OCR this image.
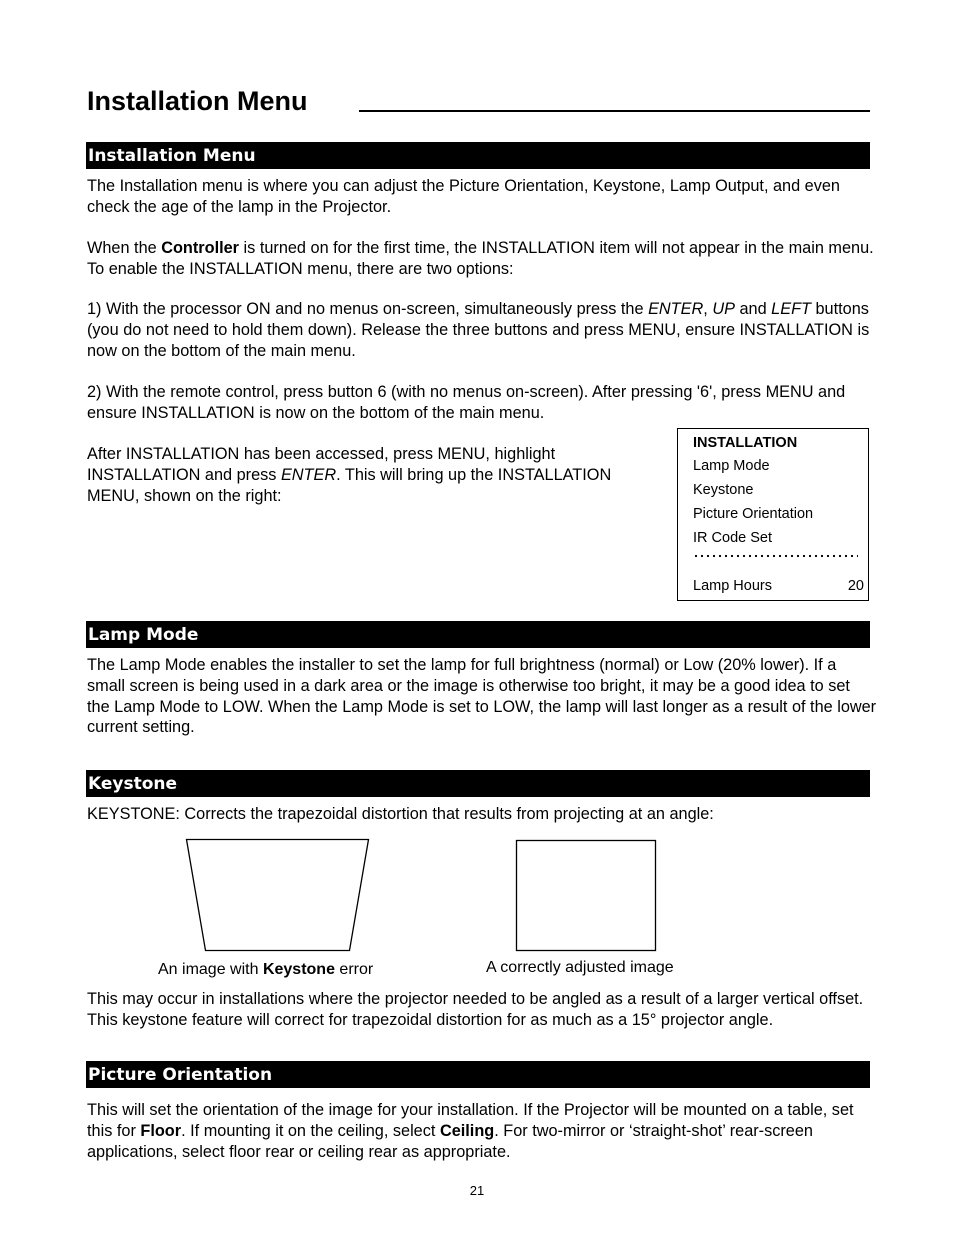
Installation Menu
Installation Menu

The Installation menu is where you can adjust the Picture Orientation, Keystone, Lamp Output, and even check the age of the lamp in the Projector.

When the Controller is turned on for the first time, the INSTALLATION item will not appear in the main menu. To enable the INSTALLATION menu, there are two options:

1) With the processor ON and no menus on-screen, simultaneously press the ENTER, UP and LEFT buttons (you do not need to hold them down). Release the three buttons and press MENU, ensure INSTALLATION is now on the bottom of the main menu.

2) With the remote control, press button 6 (with no menus on-screen). After pressing '6', press MENU and ensure INSTALLATION is now on the bottom of the main menu.

After INSTALLATION has been accessed, press MENU, highlight INSTALLATION and press ENTER. This will bring up the INSTALLATION MENU, shown on the right:

INSTALLATION
Lamp Mode
Keystone
Picture Orientation
IR Code Set
Lamp Hours	20
Lamp Mode

The Lamp Mode enables the installer to set the lamp for full brightness (normal) or Low (20% lower). If a small screen is being used in a dark area or the image is otherwise too bright, it may be a good idea to set the Lamp Mode to LOW. When the Lamp Mode is set to LOW, the lamp will last longer as a result of the lower current setting.

Keystone

KEYSTONE: Corrects the trapezoidal distortion that results from projecting at an angle:

An image with Keystone error	A correctly adjusted image

This may occur in installations where the projector needed to be angled as a result of a larger vertical offset. This keystone feature will correct for trapezoidal distortion for as much as a 15° projector angle.

Picture Orientation

This will set the orientation of the image for your installation. If the Projector will be mounted on a table, set this for Floor. If mounting it on the ceiling, select Ceiling. For two-mirror or ‘straight-shot’ rear-screen applications, select floor rear or ceiling rear as appropriate.

21
